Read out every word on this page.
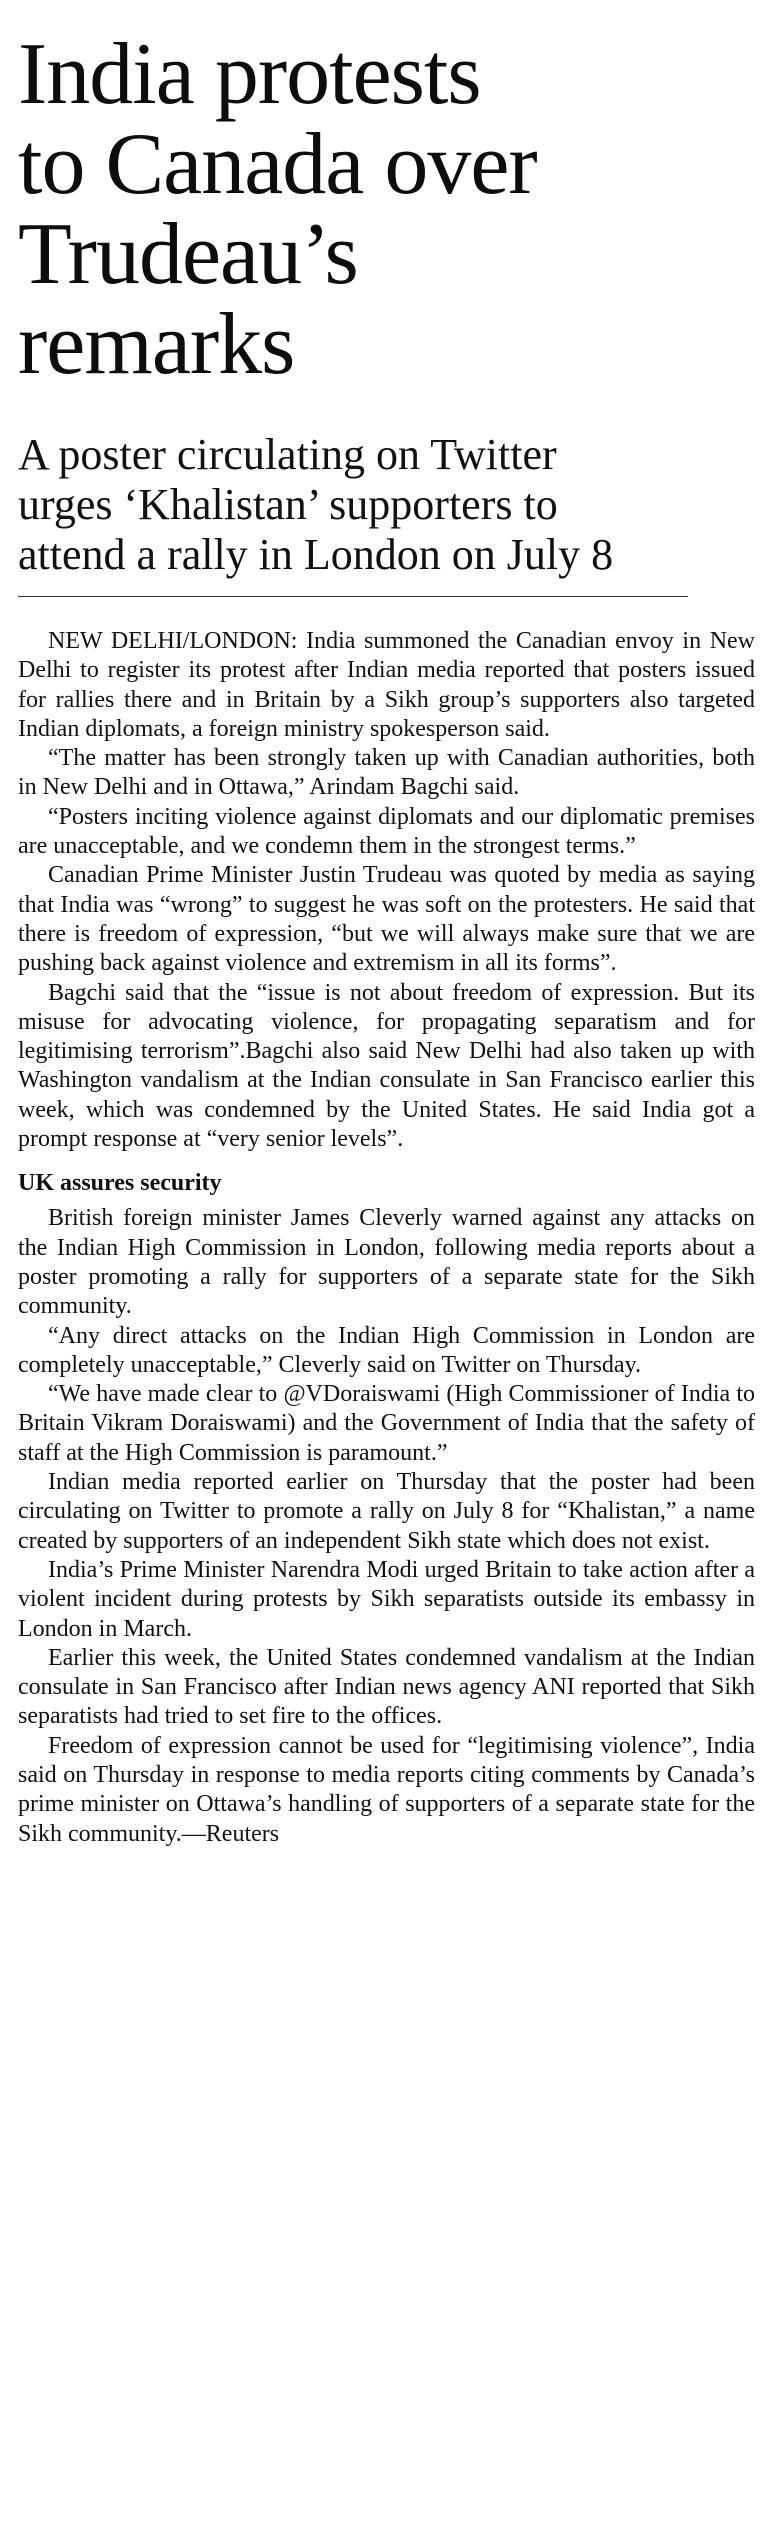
India protests
to Canada over
Trudeau’s
remarks
A poster circulating on Twitter
urges ‘Khalistan’ supporters to
attend a rally in London on July 8

NEW DELHI/LONDON: India summoned the Canadian envoy in New Delhi to register its protest after Indian media reported that posters issued for rallies there and in Britain by a Sikh group’s supporters also targeted Indian diplomats, a foreign ministry spokesperson said.

“The matter has been strongly taken up with Canadian authorities, both in New Delhi and in Ottawa,” Arindam Bagchi said.

“Posters inciting violence against diplomats and our diplomatic premises are unacceptable, and we condemn them in the strongest terms.”

Canadian Prime Minister Justin Trudeau was quoted by media as saying that India was “wrong” to suggest he was soft on the protesters. He said that there is freedom of expression, “but we will always make sure that we are pushing back against violence and extremism in all its forms”.

Bagchi said that the “issue is not about freedom of expression. But its misuse for advocating violence, for propagating separatism and for legitimising terrorism”.Bagchi also said New Delhi had also taken up with Washington vandalism at the Indian consulate in San Francisco earlier this week, which was condemned by the United States. He said India got a prompt response at “very senior levels”.

UK assures security

British foreign minister James Cleverly warned against any attacks on the Indian High Commission in London, following media reports about a poster promoting a rally for supporters of a separate state for the Sikh community.

“Any direct attacks on the Indian High Commission in London are completely unacceptable,” Cleverly said on Twitter on Thursday.

“We have made clear to @VDoraiswami (High Commissioner of India to Britain Vikram Doraiswami) and the Government of India that the safety of staff at the High Commission is paramount.”

Indian media reported earlier on Thursday that the poster had been circulating on Twitter to promote a rally on July 8 for “Khalistan,” a name created by supporters of an independent Sikh state which does not exist.

India’s Prime Minister Narendra Modi urged Britain to take action after a violent incident during protests by Sikh separatists outside its embassy in London in March.

Earlier this week, the United States condemned vandalism at the Indian consulate in San Francisco after Indian news agency ANI reported that Sikh separatists had tried to set fire to the offices.

Freedom of expression cannot be used for “legitimising violence”, India said on Thursday in response to media reports citing comments by Canada’s prime minister on Ottawa’s handling of supporters of a separate state for the Sikh community.—Reuters
